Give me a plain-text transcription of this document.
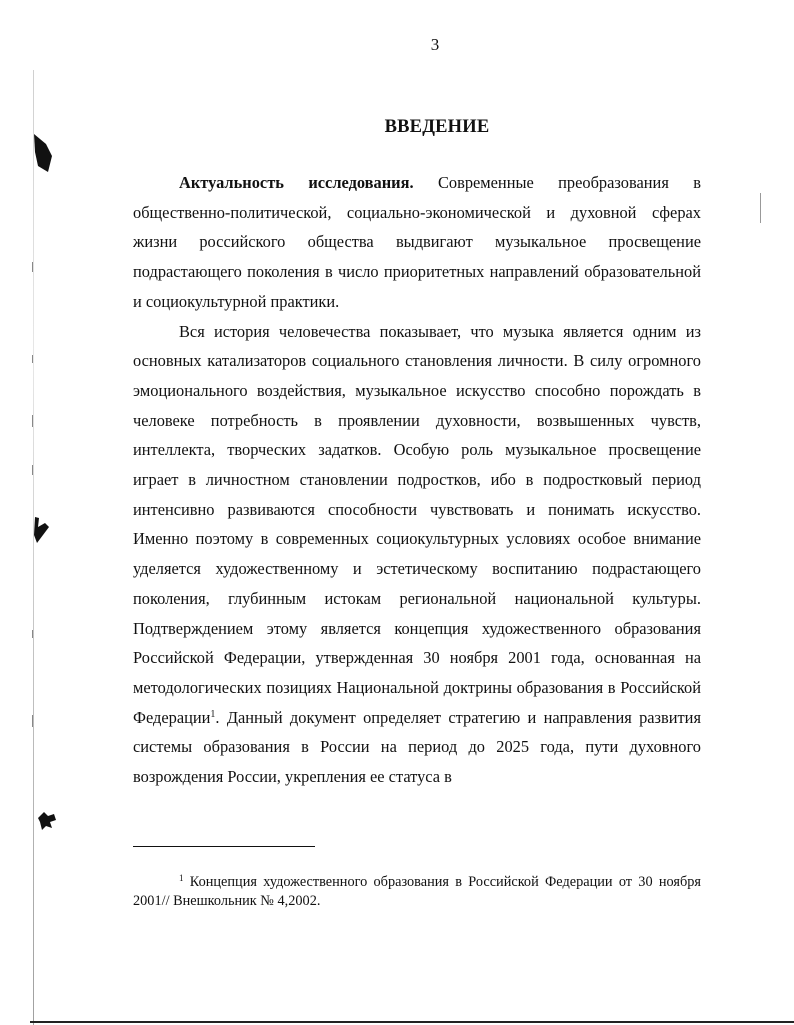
3
ВВЕДЕНИЕ

Актуальность исследования. Современные преобразования в общественно-политической, социально-экономической и духовной сферах жизни российского общества выдвигают музыкальное просвещение подрастающего поколения в число приоритетных направлений образовательной и социокультурной практики.

Вся история человечества показывает, что музыка является одним из основных катализаторов социального становления личности. В силу огромного эмоционального воздействия, музыкальное искусство способно порождать в человеке потребность в проявлении духовности, возвышенных чувств, интеллекта, творческих задатков. Особую роль музыкальное просвещение играет в личностном становлении подростков, ибо в подростковый период интенсивно развиваются способности чувствовать и понимать искусство. Именно поэтому в современных социокультурных условиях особое внимание уделяется художественному и эстетическому воспитанию подрастающего поколения, глубинным истокам региональной национальной культуры. Подтверждением этому является концепция художественного образования Российской Федерации, утвержденная 30 ноября 2001 года, основанная на методологических позициях Национальной доктрины образования в Российской Федерации$^1$. Данный документ определяет стратегию и направления развития системы образования в России на период до 2025 года, пути духовного возрождения России, укрепления ее статуса в

$^1$ Концепция художественного образования в Российской Федерации от 30 ноября 2001// Внешкольник № 4,2002.
